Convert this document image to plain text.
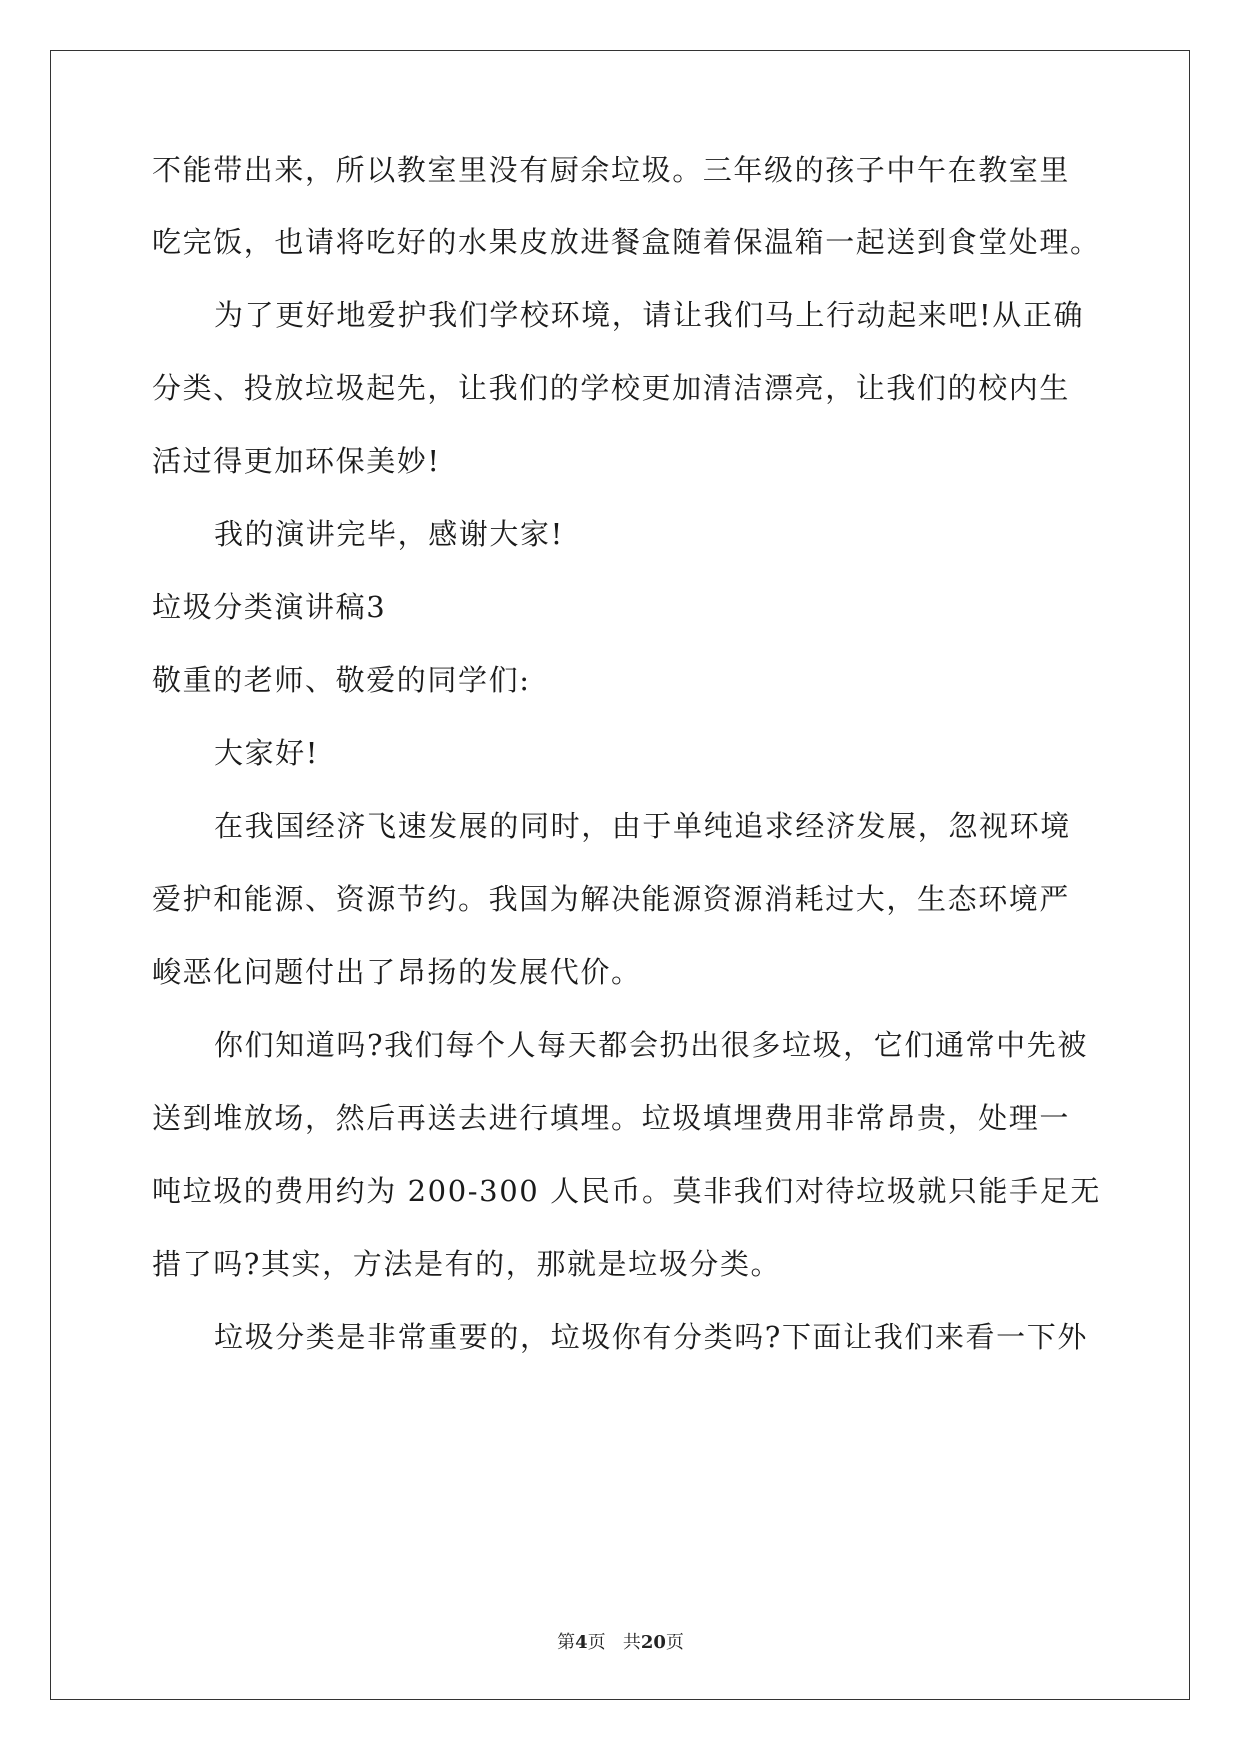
不能带出来，所以教室里没有厨余垃圾。三年级的孩子中午在教室里
吃完饭，也请将吃好的水果皮放进餐盒随着保温箱一起送到食堂处理。
为了更好地爱护我们学校环境，请让我们马上行动起来吧!从正确
分类、投放垃圾起先，让我们的学校更加清洁漂亮，让我们的校内生
活过得更加环保美妙!
我的演讲完毕，感谢大家!
垃圾分类演讲稿3
敬重的老师、敬爱的同学们:
大家好!
在我国经济飞速发展的同时，由于单纯追求经济发展，忽视环境
爱护和能源、资源节约。我国为解决能源资源消耗过大，生态环境严
峻恶化问题付出了昂扬的发展代价。
你们知道吗?我们每个人每天都会扔出很多垃圾，它们通常中先被
送到堆放场，然后再送去进行填埋。垃圾填埋费用非常昂贵，处理一
吨垃圾的费用约为 200-300 人民币。莫非我们对待垃圾就只能手足无
措了吗?其实，方法是有的，那就是垃圾分类。
垃圾分类是非常重要的，垃圾你有分类吗?下面让我们来看一下外
第4页 共20页
